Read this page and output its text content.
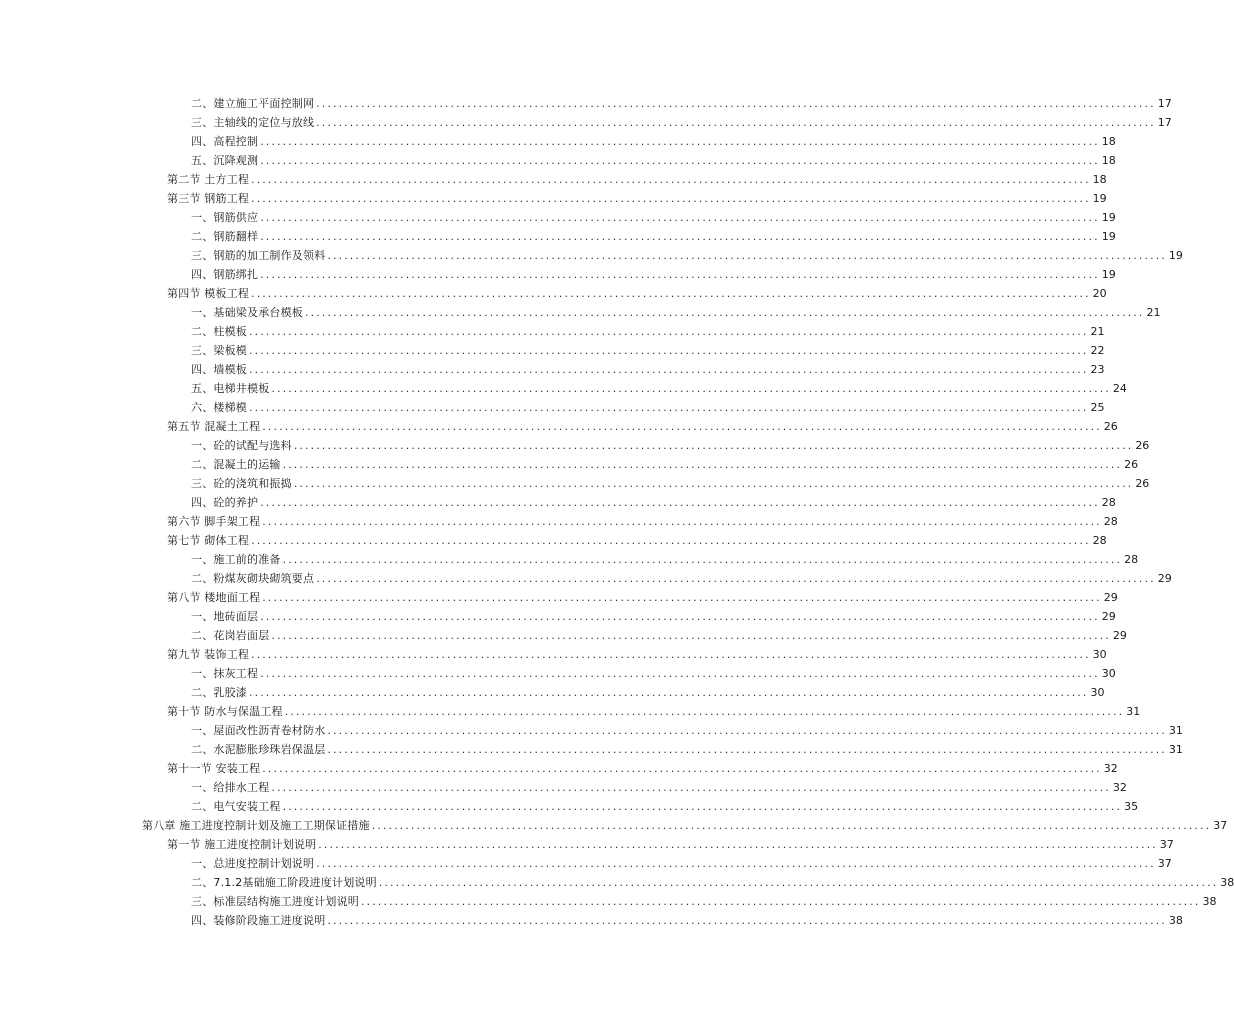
二、建立施工平面控制网 ...................................................................................................................................................... 17
三、主轴线的定位与放线 ...................................................................................................................................................... 17
四、高程控制 ...................................................................................................................................................... 18
五、沉降观测 ...................................................................................................................................................... 18
第二节 土方工程 ...................................................................................................................................................... 18
第三节 钢筋工程 ...................................................................................................................................................... 19
一、钢筋供应 ...................................................................................................................................................... 19
二、钢筋翻样 ...................................................................................................................................................... 19
三、钢筋的加工制作及领料 ...................................................................................................................................................... 19
四、钢筋绑扎 ...................................................................................................................................................... 19
第四节 模板工程 ...................................................................................................................................................... 20
一、基础梁及承台模板 ...................................................................................................................................................... 21
二、柱模板 ...................................................................................................................................................... 21
三、梁板模 ...................................................................................................................................................... 22
四、墙模板 ...................................................................................................................................................... 23
五、电梯井模板 ...................................................................................................................................................... 24
六、楼梯模 ...................................................................................................................................................... 25
第五节 混凝土工程 ...................................................................................................................................................... 26
一、砼的试配与选料 ...................................................................................................................................................... 26
二、混凝土的运输 ...................................................................................................................................................... 26
三、砼的浇筑和振捣 ...................................................................................................................................................... 26
四、砼的养护 ...................................................................................................................................................... 28
第六节 脚手架工程 ...................................................................................................................................................... 28
第七节 砌体工程 ...................................................................................................................................................... 28
一、施工前的准备 ...................................................................................................................................................... 28
二、粉煤灰砌块砌筑要点 ...................................................................................................................................................... 29
第八节 楼地面工程 ...................................................................................................................................................... 29
一、地砖面层 ...................................................................................................................................................... 29
二、花岗岩面层 ...................................................................................................................................................... 29
第九节 装饰工程 ...................................................................................................................................................... 30
一、抹灰工程 ...................................................................................................................................................... 30
二、乳胶漆 ...................................................................................................................................................... 30
第十节 防水与保温工程 ...................................................................................................................................................... 31
一、屋面改性沥青卷材防水 ...................................................................................................................................................... 31
二、水泥膨胀珍珠岩保温层 ...................................................................................................................................................... 31
第十一节 安装工程 ...................................................................................................................................................... 32
一、给排水工程 ...................................................................................................................................................... 32
二、电气安装工程 ...................................................................................................................................................... 35
第八章 施工进度控制计划及施工工期保证措施 ...................................................................................................................................................... 37
第一节 施工进度控制计划说明 ...................................................................................................................................................... 37
一、总进度控制计划说明 ...................................................................................................................................................... 37
二、7.1.2基础施工阶段进度计划说明 ...................................................................................................................................................... 38
三、标准层结构施工进度计划说明 ...................................................................................................................................................... 38
四、装修阶段施工进度说明 ...................................................................................................................................................... 38
